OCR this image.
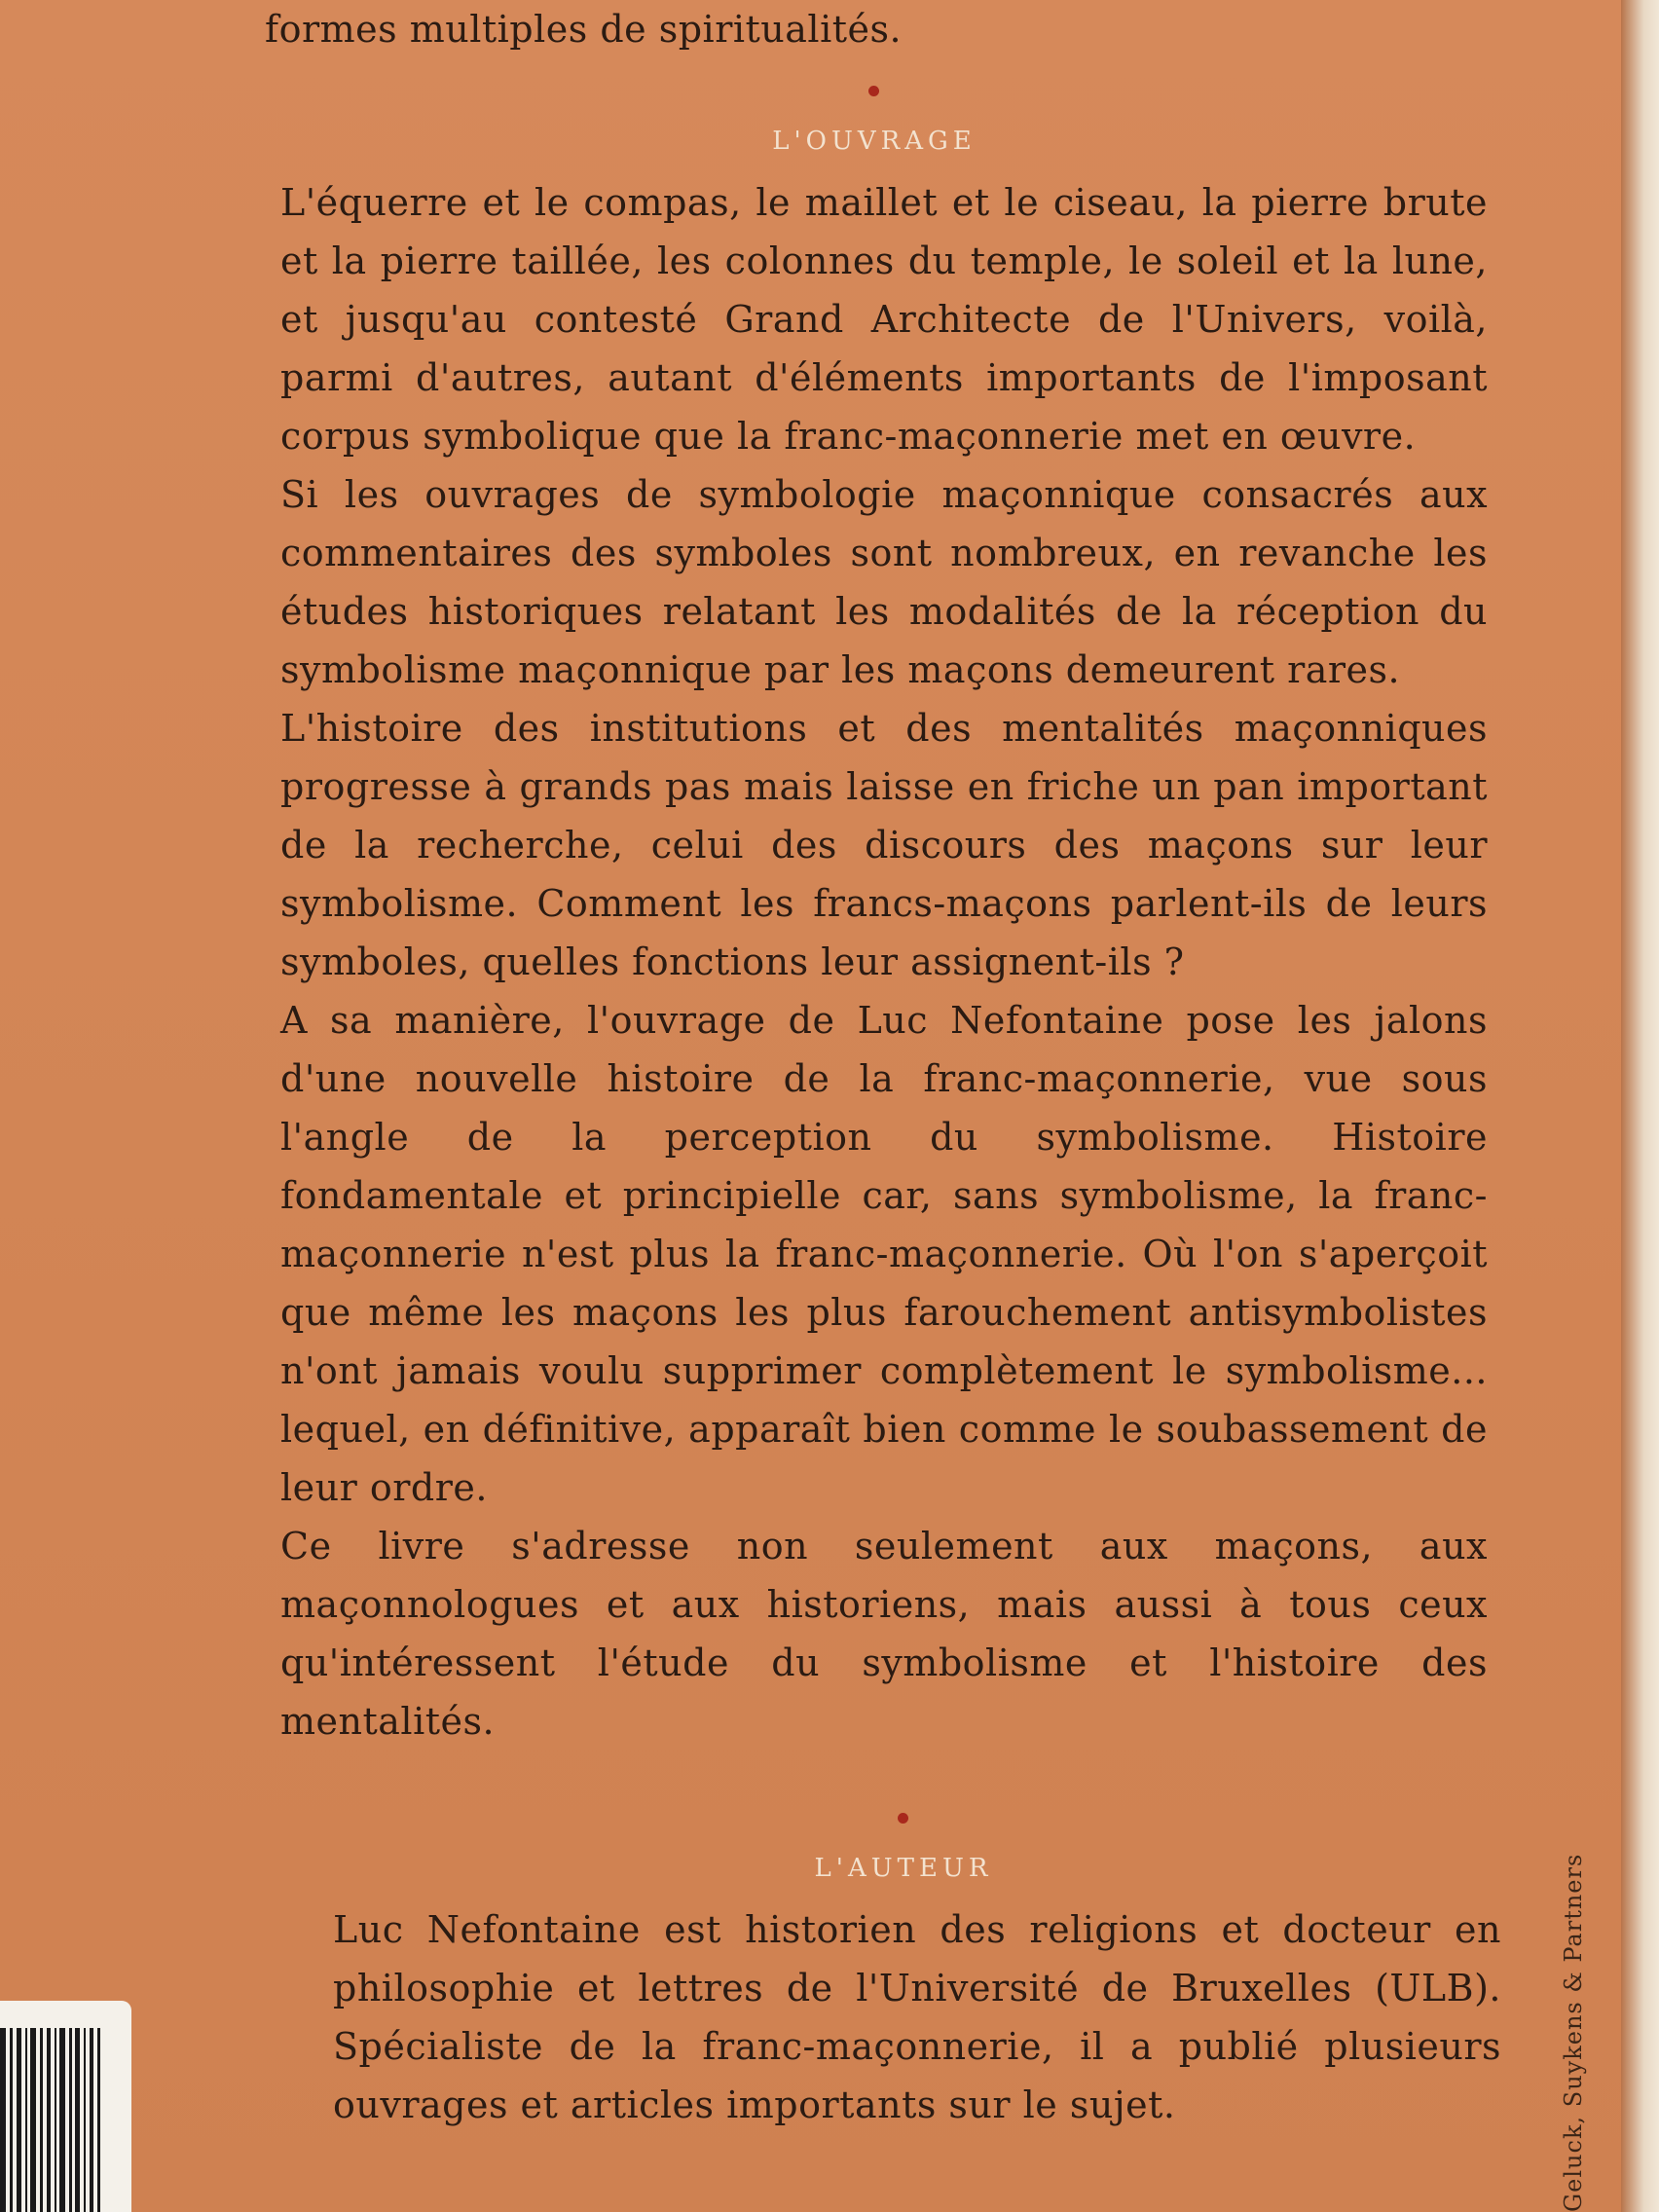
formes multiples de spiritualités.

L'OUVRAGE

L'équerre et le compas, le maillet et le ciseau, la pierre brute et la pierre taillée, les colonnes du temple, le soleil et la lune, et jusqu'au contesté Grand Architecte de l'Univers, voilà, parmi d'autres, autant d'éléments importants de l'imposant corpus symbolique que la franc-maçonnerie met en œuvre.

Si les ouvrages de symbologie maçonnique consacrés aux commentaires des symboles sont nombreux, en revanche les études historiques relatant les modalités de la réception du symbolisme maçonnique par les maçons demeurent rares.

L'histoire des institutions et des mentalités maçonniques progresse à grands pas mais laisse en friche un pan important de la recherche, celui des discours des maçons sur leur symbolisme. Comment les francs-maçons parlent-ils de leurs symboles, quelles fonctions leur assignent-ils ?

A sa manière, l'ouvrage de Luc Nefontaine pose les jalons d'une nouvelle histoire de la franc-maçonnerie, vue sous l'angle de la perception du symbolisme. Histoire fondamentale et principielle car, sans symbolisme, la franc-maçonnerie n'est plus la franc-maçonnerie. Où l'on s'aperçoit que même les maçons les plus farouchement antisymbolistes n'ont jamais voulu supprimer complètement le symbolisme... lequel, en définitive, apparaît bien comme le soubassement de leur ordre.

Ce livre s'adresse non seulement aux maçons, aux maçonnologues et aux historiens, mais aussi à tous ceux qu'intéressent l'étude du symbolisme et l'histoire des mentalités.

L'AUTEUR

Luc Nefontaine est historien des religions et docteur en philosophie et lettres de l'Université de Bruxelles (ULB). Spécialiste de la franc-maçonnerie, il a publié plusieurs ouvrages et articles importants sur le sujet.	Geluck, Suykens & Partners
